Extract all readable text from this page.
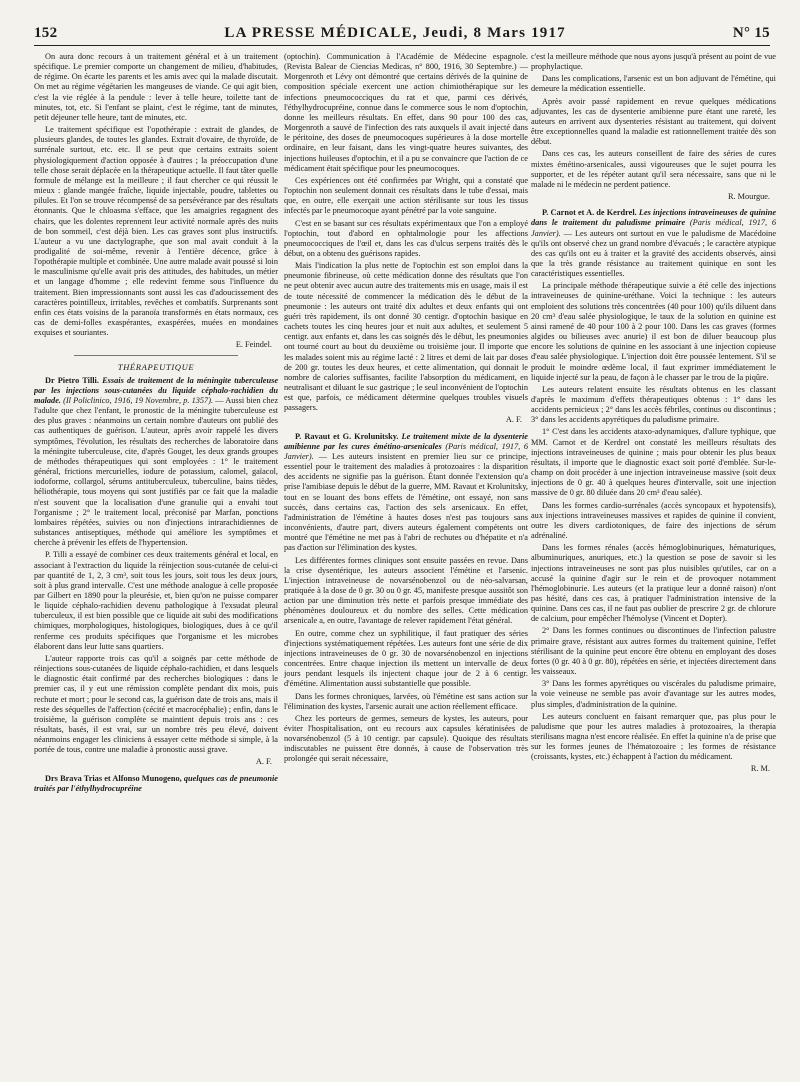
152	LA PRESSE MÉDICALE, Jeudi, 8 Mars 1917	N° 15

On aura donc recours à un traitement général et à un traitement spécifique. Le premier comporte un changement de milieu, d'habitudes, de régime. On écarte les parents et les amis avec qui la malade discutait. On met au régime végétarien les mangeuses de viande. Ce qui agit bien, c'est la vie réglée à la pendule : lever à telle heure, toilette tant de minutes, tot, etc. Si l'enfant se plaint, c'est le régime, tant de minutes, petit déjeuner telle heure, tant de minutes, etc.

Le traitement spécifique est l'opothérapie : extrait de glandes, de plusieurs glandes, de toutes les glandes. Extrait d'ovaire, de thyroïde, de surrénale surtout, etc. etc. Il se peut que certains extraits soient physiologiquement d'action opposée à d'autres ; la préoccupation d'une telle chose serait déplacée en la thérapeutique actuelle. Il faut tâter quelle formule de mélange est la meilleure ; il faut chercher ce qui réussit le mieux : glande mangée fraîche, liquide injectable, poudre, tablettes ou pilules. Et l'on se trouve récompensé de sa persévérance par des résultats étonnants. Que le chloasma s'efface, que les amaigries regagnent des chairs, que les dolentes reprennent leur activité normale après des nuits de bon sommeil, c'est déjà bien. Les cas graves sont plus instructifs. L'auteur a vu une dactylographe, que son mal avait conduit à la prodigalité de soi-même, revenir à l'entière décence, grâce à l'opothérapie multiple et combinée. Une autre malade avait poussé si loin le masculinisme qu'elle avait pris des attitudes, des habitudes, un métier et un langage d'homme ; elle redevint femme sous l'influence du traitement. Bien impressionnants sont aussi les cas d'adoucissement des caractères pointilleux, irritables, revêches et combatifs. Surprenants sont enfin ces états voisins de la paranoïa transformés en états normaux, ces cas de demi-folles exaspérantes, exaspérées, muées en mondaines exquises et souriantes.

E. Feindel.

THÉRAPEUTIQUE

Dr Pietro Tilli. Essais de traitement de la méningite tuberculeuse par les injections sous-cutanées du liquide céphalo-rachidien du malade. (Il Policlinico, 1916, 19 Novembre, p. 1357). — Aussi bien chez l'adulte que chez l'enfant, le pronostic de la méningite tuberculeuse est des plus graves : néanmoins un certain nombre d'auteurs ont publié des cas authentiques de guérison. L'auteur, après avoir rappelé les divers symptômes, l'évolution, les résultats des recherches de laboratoire dans la méningite tuberculeuse, cite, d'après Gouget, les deux grands groupes de méthodes thérapeutiques qui sont employées : 1° le traitement général, frictions mercurielles, iodure de potassium, calomel, gaïacol, iodoforme, collargol, sérums antituberculeux, tuberculine, bains tièdes, héliothérapie, tous moyens qui sont justifiés par ce fait que la maladie n'est souvent que la localisation d'une granulie qui a envahi tout l'organisme ; 2° le traitement local, préconisé par Marfan, ponctions lombaires répétées, suivies ou non d'injections intrarachidiennes de substances antiseptiques, méthode qui améliore les symptômes et cherche à prévenir les effets de l'hypertension.

P. Tilli a essayé de combiner ces deux traitements général et local, en associant à l'extraction du liquide la réinjection sous-cutanée de celui-ci par quantité de 1, 2, 3 cm³, soit tous les jours, soit tous les deux jours, soit à plus grand intervalle. C'est une méthode analogue à celle proposée par Gilbert en 1890 pour la pleurésie, et, bien qu'on ne puisse comparer le liquide céphalo-rachidien devenu pathologique à l'exsudat pleural tuberculeux, il est bien possible que ce liquide ait subi des modifications chimiques, morphologiques, histologiques, biologiques, dues à ce qu'il renferme ces produits spécifiques que l'organisme et les microbes élaborent dans leur lutte sans quartiers.

L'auteur rapporte trois cas qu'il a soignés par cette méthode de réinjections sous-cutanées de liquide céphalo-rachidien, et dans lesquels le diagnostic était confirmé par des recherches biologiques : dans le premier cas, il y eut une rémission complète pendant dix mois, puis rechute et mort ; pour le second cas, la guérison date de trois ans, mais il reste des séquelles de l'affection (cécité et macrocéphalie) ; enfin, dans le troisième, la guérison complète se maintient depuis trois ans : ces résultats, basés, il est vrai, sur un nombre très peu élevé, doivent néanmoins engager les cliniciens à essayer cette méthode si simple, à la portée de tous, contre une maladie à pronostic aussi grave.

A. F.

Drs Brava Trias et Alfonso Munogeno, quelques cas de pneumonie traités par l'éthylhydrocupréine

(optochin). Communication à l'Académie de Médecine espagnole. (Revista Balear de Ciencias Medicas, n° 800, 1916, 30 Septembre.) — Morgenroth et Lévy ont démontré que certains dérivés de la quinine de composition spéciale exercent une action chimiothérapique sur les infections pneumococciques du rat et que, parmi ces dérivés, l'éthylhydrocupréine, connue dans le commerce sous le nom d'optochin, donne les meilleurs résultats. En effet, dans 90 pour 100 des cas, Morgenroth a sauvé de l'infection des rats auxquels il avait injecté dans le péritoine, des doses de pneumocoques supérieures à la dose mortelle ordinaire, en leur faisant, dans les vingt-quatre heures suivantes, des injections huileuses d'optochin, et il a pu se convaincre que l'action de ce médicament était spécifique pour les pneumocoques.

Ces expériences ont été confirmées par Wright, qui a constaté que l'optochin non seulement donnait ces résultats dans le tube d'essai, mais que, en outre, elle exerçait une action stérilisante sur tous les tissus infectés par le pneumocoque ayant pénétré par la voie sanguine.

C'est en se basant sur ces résultats expérimentaux que l'on a employé l'optochin, tout d'abord en ophtalmologie pour les affections pneumococciques de l'œil et, dans les cas d'ulcus serpens traités dès le début, on a obtenu des guérisons rapides.

Mais l'indication la plus nette de l'optochin est son emploi dans la pneumonie fibrineuse, où cette médication donne des résultats que l'on ne peut obtenir avec aucun autre des traitements mis en usage, mais il est de toute nécessité de commencer la médication dès le début de la pneumonie : les auteurs ont traité dix adultes et deux enfants qui ont guéri très rapidement, ils ont donné 30 centigr. d'optochin basique en cachets toutes les cinq heures jour et nuit aux adultes, et seulement 5 centigr. aux enfants et, dans les cas soignés dès le début, les pneumonies ont tourné court au bout du deuxième ou troisième jour. Il importe que les malades soient mis au régime lacté : 2 litres et demi de lait par doses de 200 gr. toutes les deux heures, et cette alimentation, qui donnait le nombre de calories suffisantes, facilite l'absorption du médicament, en neutralisant et diluant le suc gastrique ; le seul inconvénient de l'optochin est que, parfois, ce médicament détermine quelques troubles visuels passagers.

A. F.

P. Ravaut et G. Krolunitsky. Le traitement mixte de la dysenterie amibienne par les cures émétino-arsenicales (Paris médical, 1917, 6 Janvier). — Les auteurs insistent en premier lieu sur ce principe, essentiel pour le traitement des maladies à protozoaires : la disparition des accidents ne signifie pas la guérison. Étant donnée l'extension qu'a prise l'amibiase depuis le début de la guerre, MM. Ravaut et Krolunitsky, tout en se louant des bons effets de l'émétine, ont essayé, non sans succès, dans certains cas, l'action des sels arsenicaux. En effet, l'administration de l'émétine à hautes doses n'est pas toujours sans inconvénients, d'autre part, divers auteurs également compétents ont montré que l'émétine ne met pas à l'abri de rechutes ou d'hépatite et n'a pas d'action sur l'élimination des kystes.

Les différentes formes cliniques sont ensuite passées en revue. Dans la crise dysentérique, les auteurs associent l'émétine et l'arsenic. L'injection intraveineuse de novarsénobenzol ou de néo-salvarsan, pratiquée à la dose de 0 gr. 30 ou 0 gr. 45, manifeste presque aussitôt son action par une diminution très nette et parfois presque immédiate des phénomènes douloureux et du nombre des selles. Cette médication arsenicale a, en outre, l'avantage de relever rapidement l'état général.

En outre, comme chez un syphilitique, il faut pratiquer des séries d'injections systématiquement répétées. Les auteurs font une série de dix injections intraveineuses de 0 gr. 30 de novarsénobenzol en injections concentrées. Entre chaque injection ils mettent un intervalle de deux jours pendant lesquels ils injectent chaque jour de 2 à 6 centigr. d'émétine. Alimentation aussi substantielle que possible.

Dans les formes chroniques, larvées, où l'émétine est sans action sur l'élimination des kystes, l'arsenic aurait une action réellement efficace.

Chez les porteurs de germes, semeurs de kystes, les auteurs, pour éviter l'hospitalisation, ont eu recours aux capsules kératinisées de novarsénobenzol (5 à 10 centigr. par capsule). Quoique des résultats indiscutables ne puissent être donnés, à cause de l'observation très prolongée qui serait nécessaire,

c'est la meilleure méthode que nous ayons jusqu'à présent au point de vue prophylactique.

Dans les complications, l'arsenic est un bon adjuvant de l'émétine, qui demeure la médication essentielle.

Après avoir passé rapidement en revue quelques médications adjuvantes, les cas de dysenterie amibienne pure étant une rareté, les auteurs en arrivent aux dysenteries résistant au traitement, qui doivent être exceptionnelles quand la maladie est rationnellement traitée dès son début.

Dans ces cas, les auteurs conseillent de faire des séries de cures mixtes émétino-arsenicales, aussi vigoureuses que le sujet pourra les supporter, et de les répéter autant qu'il sera nécessaire, sans que ni le malade ni le médecin ne perdent patience.

R. Mourgue.

P. Carnot et A. de Kerdrel. Les injections intraveineuses de quinine dans le traitement du paludisme primaire (Paris médical, 1917, 6 Janvier). — Les auteurs ont surtout en vue le paludisme de Macédoine qu'ils ont observé chez un grand nombre d'évacués ; le caractère atypique des cas qu'ils ont eu à traiter et la gravité des accidents observés, ainsi que la très grande résistance au traitement quinique en sont les caractéristiques essentielles.

La principale méthode thérapeutique suivie a été celle des injections intraveineuses de quinine-uréthane. Voici la technique : les auteurs emploient des solutions très concentrées (40 pour 100) qu'ils diluent dans 20 cm³ d'eau salée physiologique, le taux de la solution en quinine est ainsi ramené de 40 pour 100 à 2 pour 100. Dans les cas graves (formes algides ou bilieuses avec anurie) il est bon de diluer beaucoup plus encore les solutions de quinine en les associant à une injection copieuse d'eau salée physiologique. L'injection doit être poussée lentement. S'il se produit le moindre œdème local, il faut exprimer immédiatement le liquide injecté sur la peau, de façon à le chasser par le trou de la piqûre.

Les auteurs relatent ensuite les résultats obtenus en les classant d'après le maximum d'effets thérapeutiques obtenus : 1° dans les accidents pernicieux ; 2° dans les accès fébriles, continus ou discontinus ; 3° dans les accidents apyrétiques du paludisme primaire.

1° C'est dans les accidents ataxo-adynamiques, d'allure typhique, que MM. Carnot et de Kerdrel ont constaté les meilleurs résultats des injections intraveineuses de quinine ; mais pour obtenir les plus beaux résultats, il importe que le diagnostic exact soit porté d'emblée. Sur-le-champ on doit procéder à une injection intraveineuse massive (soit deux injections de 0 gr. 40 à quelques heures d'intervalle, soit une injection massive de 0 gr. 80 diluée dans 20 cm³ d'eau salée).

Dans les formes cardio-surrénales (accès syncopaux et hypotensifs), aux injections intraveineuses massives et rapides de quinine il convient, outre les divers cardiotoniques, de faire des injections de sérum adrénaliné.

Dans les formes rénales (accès hémoglobinuriques, hématuriques, albuminuriques, anuriques, etc.) la question se pose de savoir si les injections intraveineuses ne sont pas plus nuisibles qu'utiles, car on a accusé la quinine d'agir sur le rein et de provoquer notamment l'hémoglobinurie. Les auteurs (et la pratique leur a donné raison) n'ont pas hésité, dans ces cas, à pratiquer l'administration intensive de la quinine. Dans ces cas, il ne faut pas oublier de prescrire 2 gr. de chlorure de calcium, pour empêcher l'hémolyse (Vincent et Dopter).

2° Dans les formes continues ou discontinues de l'infection palustre primaire grave, résistant aux autres formes du traitement quinine, l'effet stérilisant de la quinine peut encore être obtenu en employant des doses fortes (0 gr. 40 à 0 gr. 80), répétées en série, et injectées directement dans les vaisseaux.

3° Dans les formes apyrétiques ou viscérales du paludisme primaire, la voie veineuse ne semble pas avoir d'avantage sur les autres modes, plus simples, d'administration de la quinine.

Les auteurs concluent en faisant remarquer que, pas plus pour le paludisme que pour les autres maladies à protozoaires, la therapia sterilisans magna n'est encore réalisée. En effet la quinine n'a de prise que sur les formes jeunes de l'hématozoaire ; les formes de résistance (croissants, kystes, etc.) échappent à l'action du médicament.

R. M.
